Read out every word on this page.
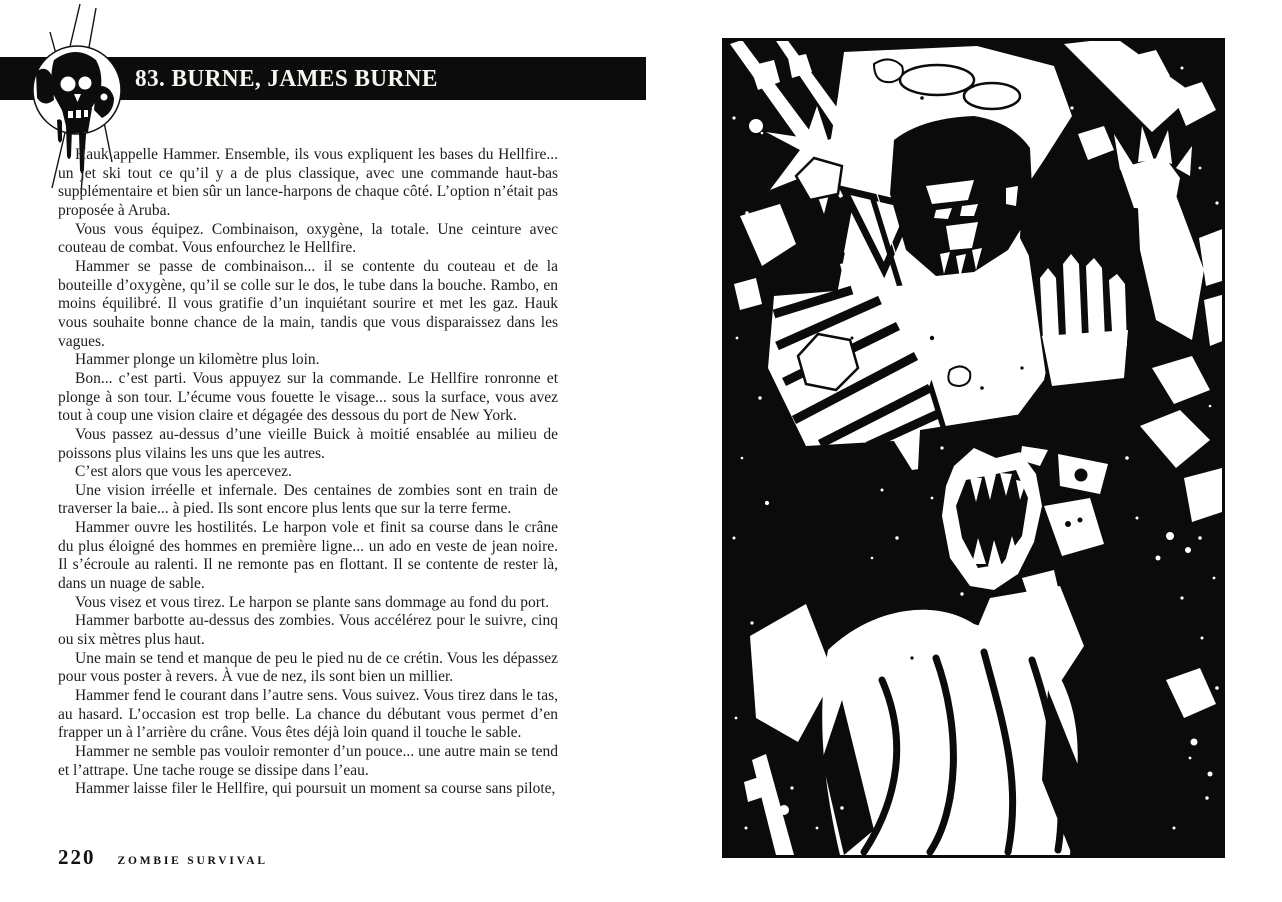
83. BURNE, JAMES BURNE

Hauk appelle Hammer. Ensemble, ils vous expliquent les bases du Hellfire... un jet ski tout ce qu’il y a de plus classique, avec une commande haut-bas supplémentaire et bien sûr un lance-harpons de chaque côté. L’option n’était pas proposée à Aruba.

Vous vous équipez. Combinaison, oxygène, la totale. Une ceinture avec couteau de combat. Vous enfourchez le Hellfire.

Hammer se passe de combinaison... il se contente du couteau et de la bouteille d’oxygène, qu’il se colle sur le dos, le tube dans la bouche. Rambo, en moins équilibré. Il vous gratifie d’un inquiétant sourire et met les gaz. Hauk vous souhaite bonne chance de la main, tandis que vous disparaissez dans les vagues.

Hammer plonge un kilomètre plus loin.

Bon... c’est parti. Vous appuyez sur la commande. Le Hellfire ronronne et plonge à son tour. L’écume vous fouette le visage... sous la surface, vous avez tout à coup une vision claire et dégagée des dessous du port de New York.

Vous passez au-dessus d’une vieille Buick à moitié ensablée au milieu de poissons plus vilains les uns que les autres.

C’est alors que vous les apercevez.

Une vision irréelle et infernale. Des centaines de zombies sont en train de traverser la baie... à pied. Ils sont encore plus lents que sur la terre ferme.

Hammer ouvre les hostilités. Le harpon vole et finit sa course dans le crâne du plus éloigné des hommes en première ligne... un ado en veste de jean noire. Il s’écroule au ralenti. Il ne remonte pas en flottant. Il se contente de rester là, dans un nuage de sable.

Vous visez et vous tirez. Le harpon se plante sans dommage au fond du port.

Hammer barbotte au-dessus des zombies. Vous accélérez pour le suivre, cinq ou six mètres plus haut.

Une main se tend et manque de peu le pied nu de ce crétin. Vous les dépassez pour vous poster à revers. À vue de nez, ils sont bien un millier.

Hammer fend le courant dans l’autre sens. Vous suivez. Vous tirez dans le tas, au hasard. L’occasion est trop belle. La chance du débutant vous permet d’en frapper un à l’arrière du crâne. Vous êtes déjà loin quand il touche le sable.

Hammer ne semble pas vouloir remonter d’un pouce... une autre main se tend et l’attrape. Une tache rouge se dissipe dans l’eau.

Hammer laisse filer le Hellfire, qui poursuit un moment sa course sans pilote,

220 ZOMBIE SURVIVAL
